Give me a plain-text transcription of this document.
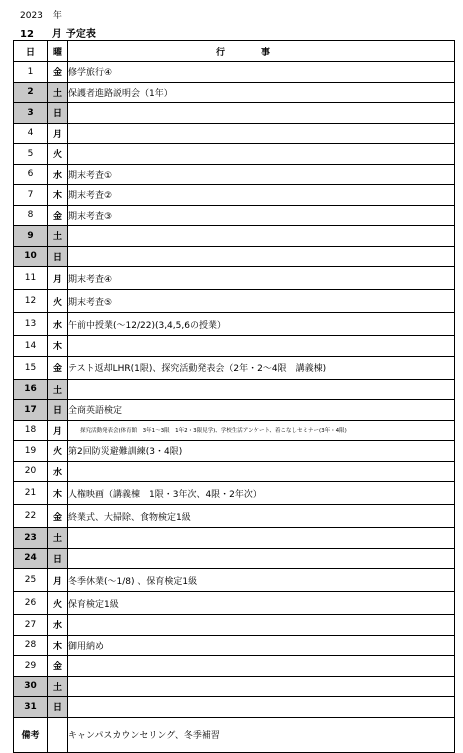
2023 年
12 月 予定表
日	曜	行事
1	金	修学旅行④
2	土	保護者進路説明会（1年）
3	日	
4	月	
5	火	
6	水	期末考査①
7	木	期末考査②
8	金	期末考査③
9	土	
10	日	
11	月	期末考査④
12	火	期末考査⑤
13	水	午前中授業(～12/22)(3,4,5,6の授業）
14	木	
15	金	テスト返却LHR(1限)、探究活動発表会（2年・2～4限　講義棟)
16	土	
17	日	全商英語検定
18	月	探究活動発表会(体育館　3年1～3限　1年2・3限見学)、学校生活アンケート、着こなしセミナー(3年・4限)
19	火	第2回防災避難訓練(3・4限)
20	水	
21	木	人権映画（講義棟　1限・3年次、4限・2年次）
22	金	終業式、大掃除、食物検定1級
23	土	
24	日	
25	月	冬季休業(～1/8) 、保育検定1級
26	火	保育検定1級
27	水	
28	木	御用納め
29	金	
30	土	
31	日	
備考		キャンパスカウンセリング、冬季補習
